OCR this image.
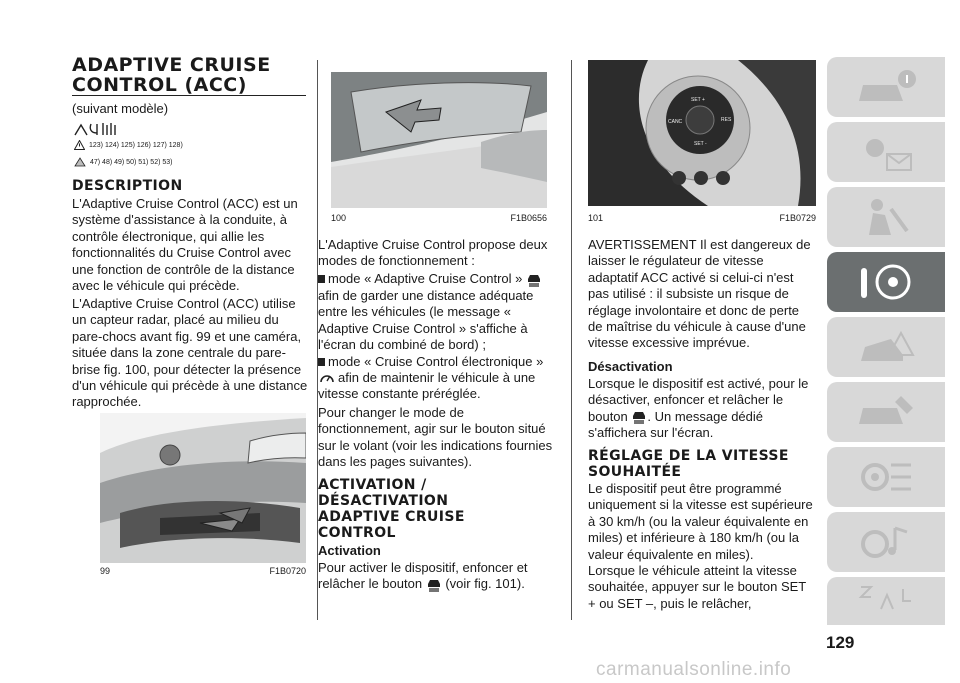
ADAPTIVE CRUISE
CONTROL (ACC)
(suivant modèle)
123) 124) 125) 126) 127) 128)
47) 48) 49) 50) 51) 52) 53)
DESCRIPTION
L'Adaptive Cruise Control (ACC) est un système d'assistance à la conduite, à contrôle électronique, qui allie les fonctionnalités du Cruise Control avec une fonction de contrôle de la distance avec le véhicule qui précède.
L'Adaptive Cruise Control (ACC) utilise un capteur radar, placé au milieu du pare-chocs avant fig. 99 et une caméra, située dans la zone centrale du pare-brise fig. 100, pour détecter la présence d'un véhicule qui précède à une distance rapprochée.
99	F1B0720
100	F1B0656
L'Adaptive Cruise Control propose deux modes de fonctionnement :
mode « Adaptive Cruise Control »
afin de garder une distance adéquate entre les véhicules (le message « Adaptive Cruise Control » s'affiche à l'écran du combiné de bord) ;
mode « Cruise Control électronique »
afin de maintenir le véhicule à une vitesse constante préréglée.
Pour changer le mode de fonctionnement, agir sur le bouton situé sur le volant (voir les indications fournies dans les pages suivantes).
ACTIVATION /
DÉSACTIVATION
ADAPTIVE CRUISE
CONTROL
Activation
Pour activer le dispositif, enfoncer et relâcher le bouton (voir fig. 101).
SET +
CANC	RES
SET -
101	F1B0729
AVERTISSEMENT Il est dangereux de laisser le régulateur de vitesse adaptatif ACC activé si celui-ci n'est pas utilisé : il subsiste un risque de réglage involontaire et donc de perte de maîtrise du véhicule à cause d'une vitesse excessive imprévue.
Désactivation
Lorsque le dispositif est activé, pour le désactiver, enfoncer et relâcher le bouton . Un message dédié s'affichera sur l'écran.
RÉGLAGE DE LA VITESSE
SOUHAITÉE
Le dispositif peut être programmé uniquement si la vitesse est supérieure à 30 km/h (ou la valeur équivalente en miles) et inférieure à 180 km/h (ou la valeur équivalente en miles).
Lorsque le véhicule atteint la vitesse souhaitée, appuyer sur le bouton SET + ou SET –, puis le relâcher,
129
carmanualsonline.info
